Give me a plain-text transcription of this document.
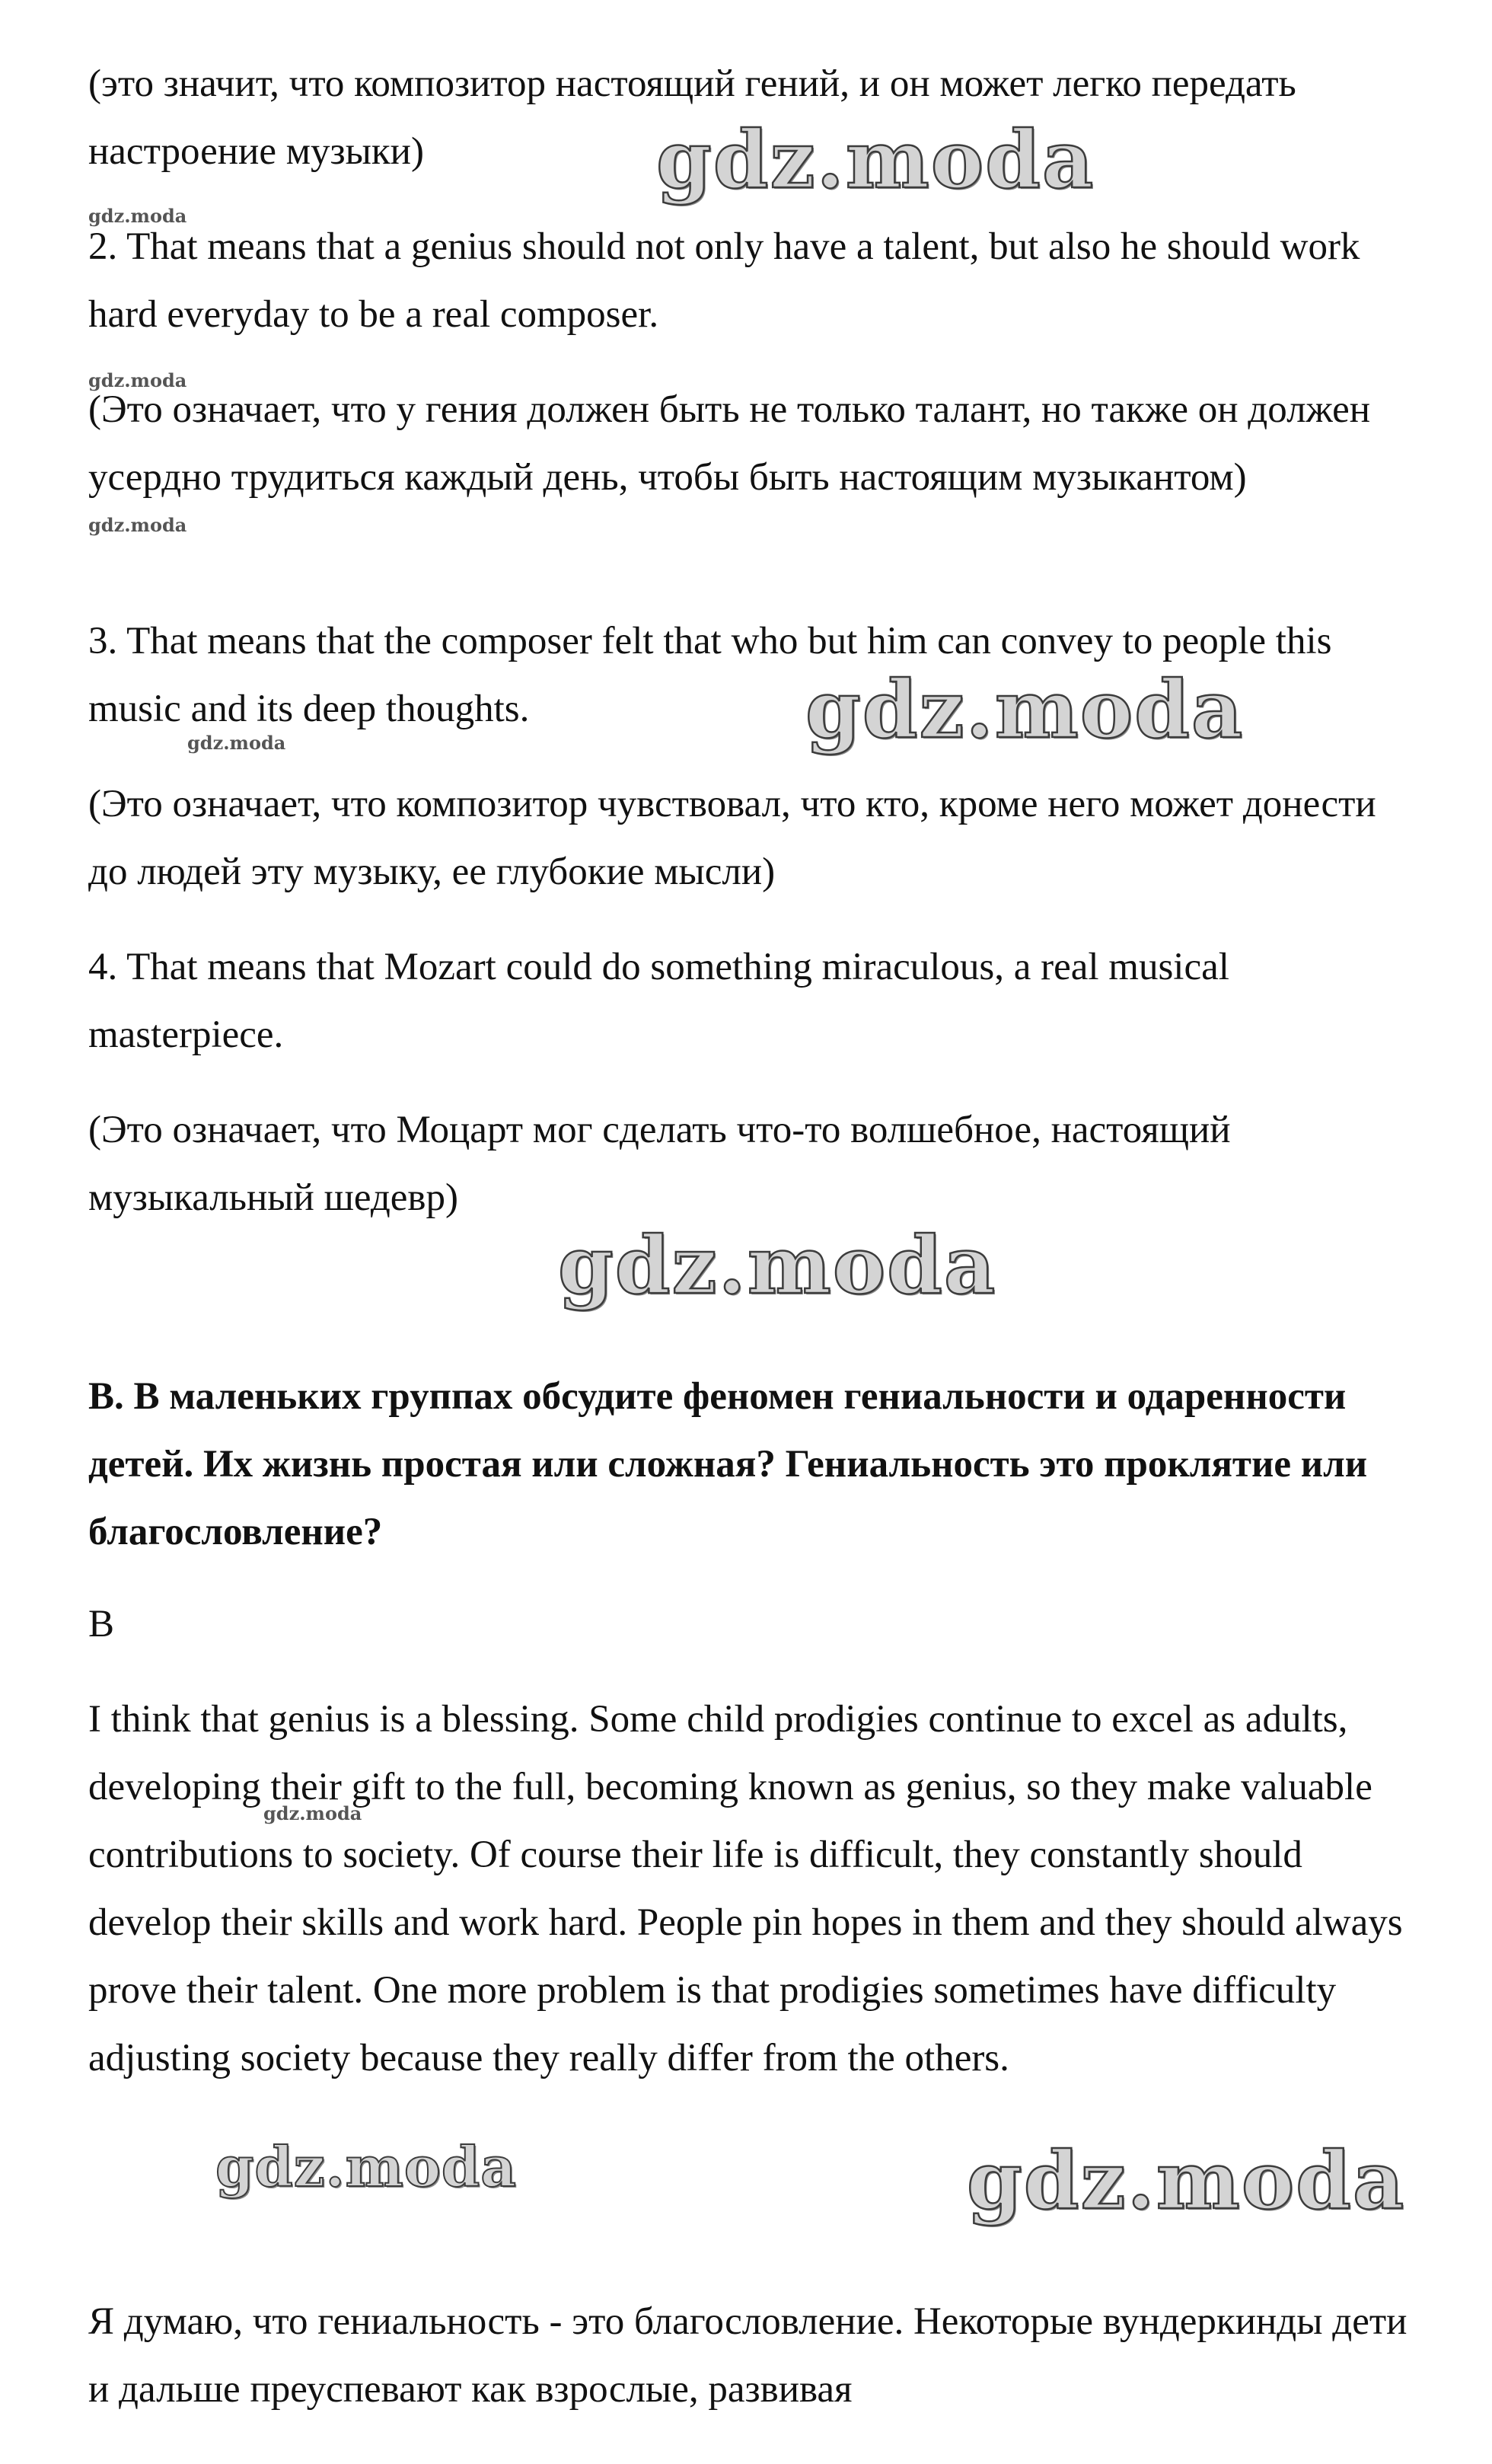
(это значит, что композитор настоящий гений, и он может легко передать настроение музыки)

2. That means that a genius should not only have a talent, but also he should work hard everyday to be a real composer.

(Это означает, что у гения должен быть не только талант, но также он должен усердно трудиться каждый день, чтобы быть настоящим музыкантом)

3. That means that the composer felt that who but him can convey to people this music and its deep thoughts.

(Это означает, что композитор чувствовал, что кто, кроме него может донести до людей эту музыку, ее глубокие мысли)

4. That means that Mozart could do something miraculous, a real musical masterpiece.

(Это означает, что Моцарт мог сделать что-то волшебное, настоящий музыкальный шедевр)

В. В маленьких группах обсудите феномен гениальности и одаренности детей. Их жизнь простая или сложная? Гениальность это проклятие или благословление?

В

I think that genius is a blessing. Some child prodigies continue to excel as adults, developing their gift to the full, becoming known as genius, so they make valuable contributions to society. Of course their life is difficult, they constantly should develop their skills and work hard. People pin hopes in them and they should always prove their talent. One more problem is that prodigies sometimes have difficulty adjusting society because they really differ from the others.

Я думаю, что гениальность - это благословление. Некоторые вундеркинды дети и дальше преуспевают как взрослые, развивая

gdz.moda
gdz.moda
gdz.moda
gdz.moda
gdz.moda
gdz.moda
gdz.moda
gdz.moda
gdz.moda	gdz.moda
